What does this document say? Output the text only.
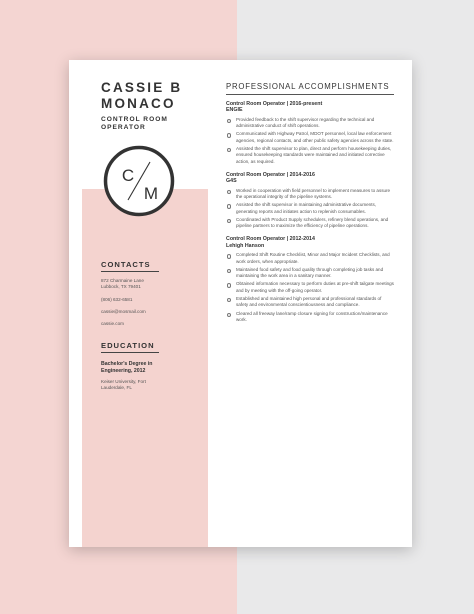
CASSIE B
MONACO
CONTROL ROOM
OPERATOR
C
M
CONTACTS
872 Charmaine Lane
Lubbock, TX 79401
(806) 632-6581
cassie@mosmail.com
cassie.com
EDUCATION
Bachelor's Degree in
Engineering, 2012
Keiser University, Fort
Lauderdale, FL
PROFESSIONAL ACCOMPLISHMENTS
Control Room Operator | 2016-present
ENGIE
Provided feedback to the shift supervisor regarding the technical and administrative conduct of shift operations.
Communicated with Highway Patrol, MDOT personnel, local law enforcement agencies, regional contacts, and other public safety agencies across the state.
Assisted the shift supervisor to plan, direct and perform housekeeping duties, ensured housekeeping standards were maintained and initiated corrective action, as required.
Control Room Operator | 2014-2016
G4S
Worked in cooperation with field personnel to implement measures to assure the operational integrity of the pipeline systems.
Assisted the shift supervisor in maintaining administrative documents, generating reports and initiates action to replenish consumables.
Coordinated with Product Supply schedulers, refinery blend operations, and pipeline partners to maximize the efficiency of pipeline operations.
Control Room Operator | 2012-2014
Lehigh Hanson
Completed Shift Routine Checklist, Minor and Major Incident Checklists, and work orders, when appropriate.
Maintained food safety and food quality through completing job tasks and maintaining the work area in a sanitary manner.
Obtained information necessary to perform duties at pre-shift tailgate meetings and by meeting with the off-going operator.
Established and maintained high personal and professional standards of safety and environmental conscientiousness and compliance.
Cleared all freeway lane/ramp closure signing for construction/maintenance work.
